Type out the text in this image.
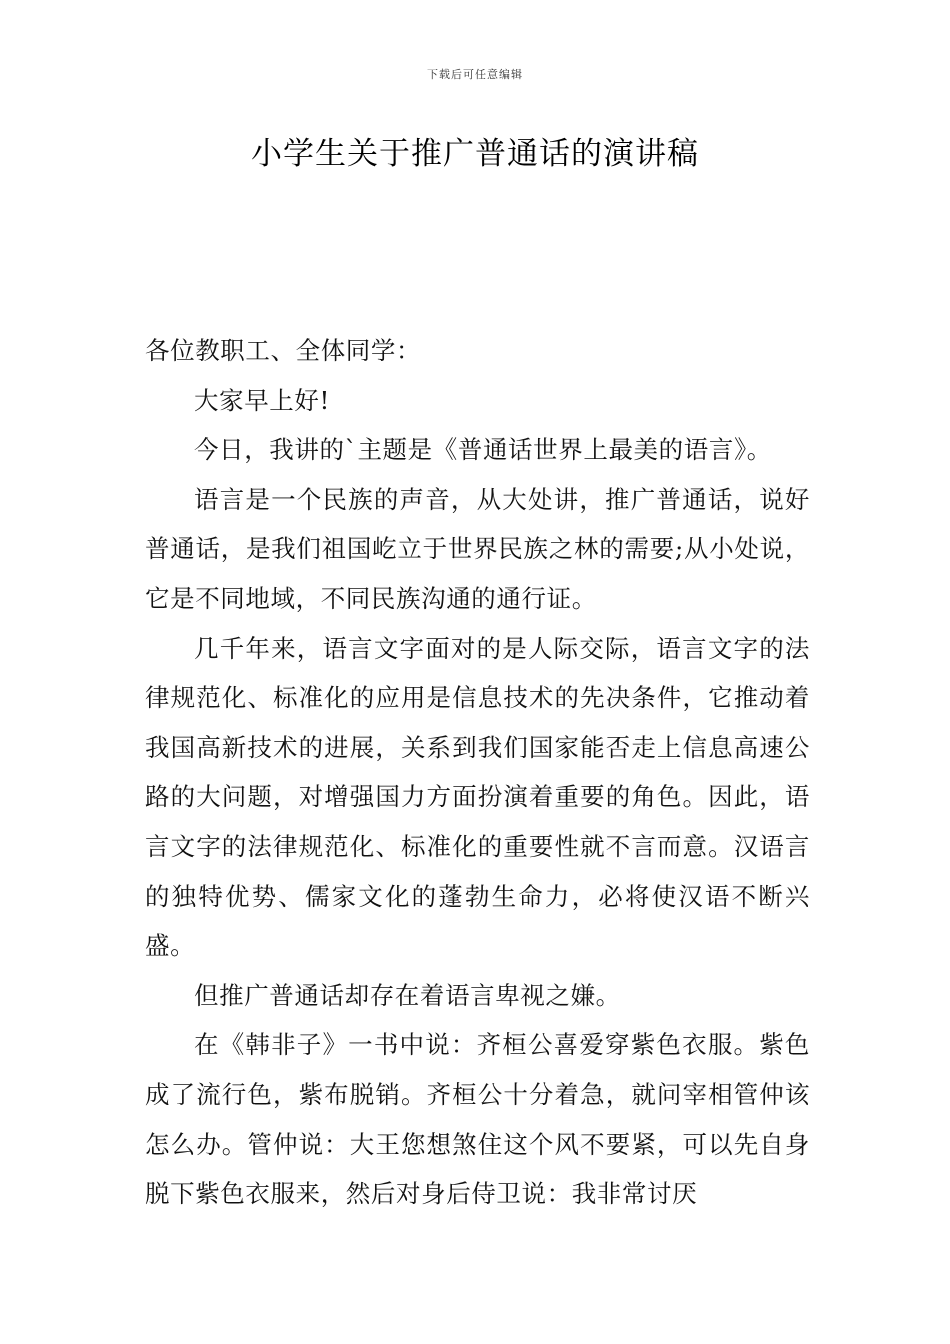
下载后可任意编辑
小学生关于推广普通话的演讲稿

各位教职工、全体同学：

大家早上好!

今日，我讲的`主题是《普通话世界上最美的语言》。

语言是一个民族的声音，从大处讲，推广普通话，说好普通话，是我们祖国屹立于世界民族之林的需要;从小处说，它是不同地域，不同民族沟通的通行证。

几千年来，语言文字面对的是人际交际，语言文字的法律规范化、标准化的应用是信息技术的先决条件，它推动着我国高新技术的进展，关系到我们国家能否走上信息高速公路的大问题，对增强国力方面扮演着重要的角色。因此，语言文字的法律规范化、标准化的重要性就不言而意。汉语言的独特优势、儒家文化的蓬勃生命力，必将使汉语不断兴盛。

但推广普通话却存在着语言卑视之嫌。

在《韩非子》一书中说：齐桓公喜爱穿紫色衣服。紫色成了流行色，紫布脱销。齐桓公十分着急，就问宰相管仲该怎么办。管仲说：大王您想煞住这个风不要紧，可以先自身脱下紫色衣服来，然后对身后侍卫说：我非常讨厌
